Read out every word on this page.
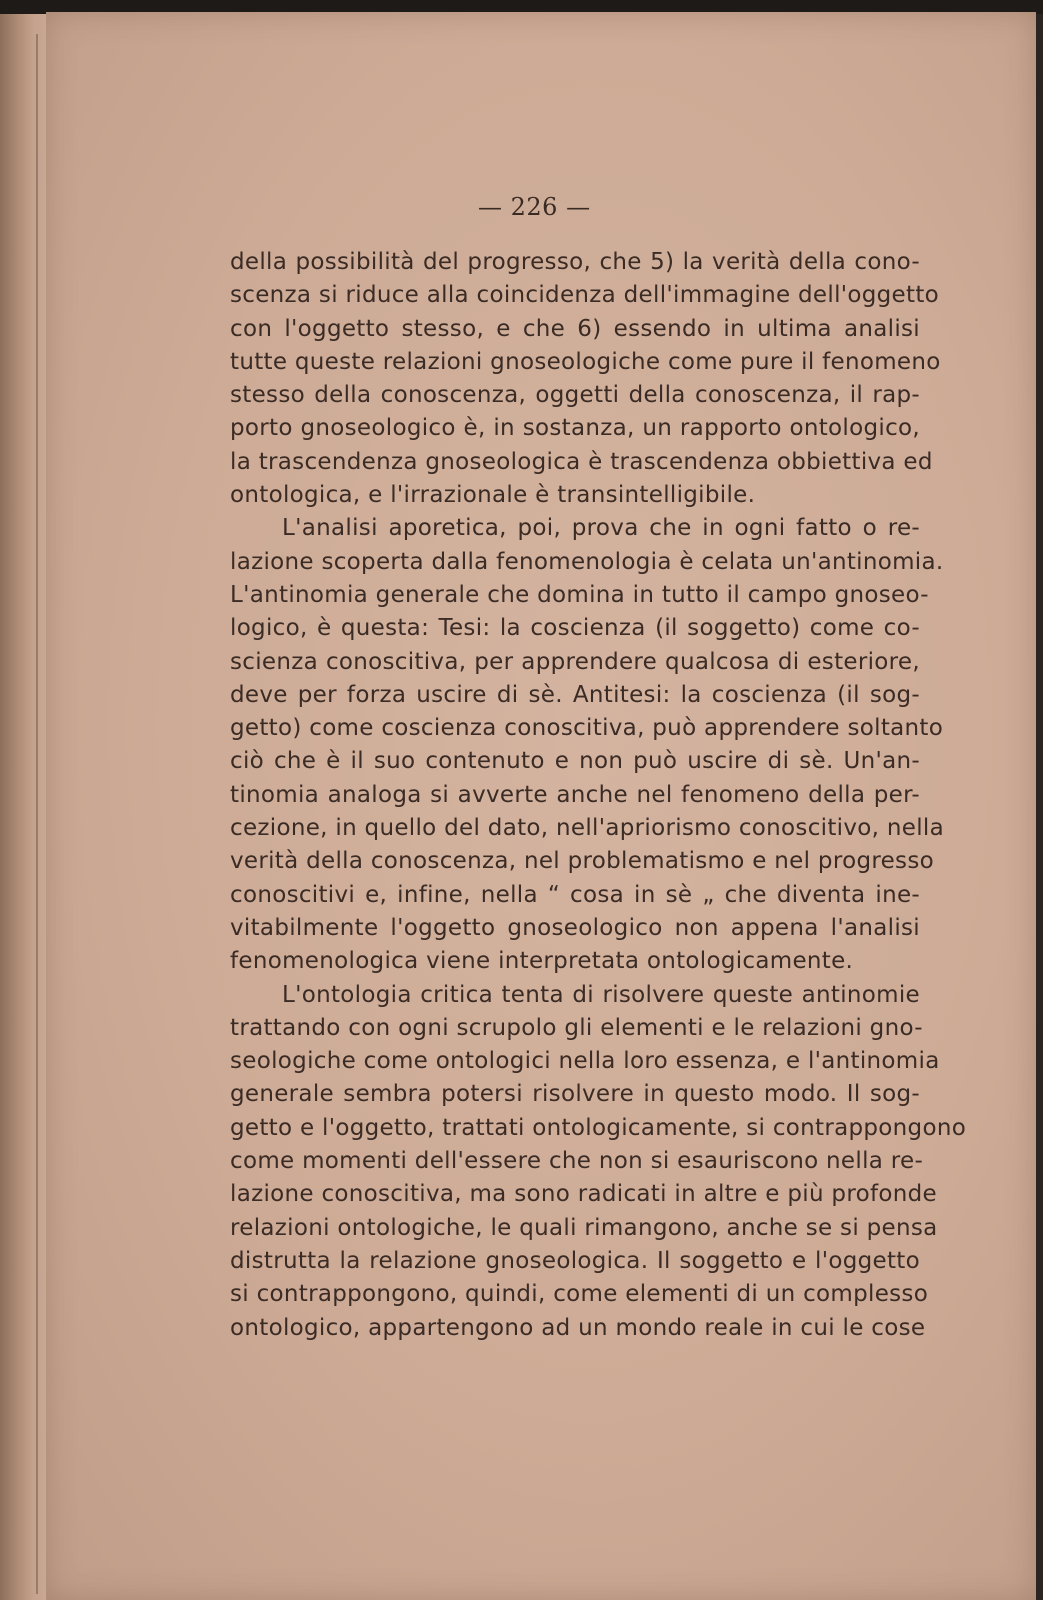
— 226 —
della possibilità del progresso, che 5) la verità della cono-
scenza si riduce alla coincidenza dell'immagine dell'oggetto
con l'oggetto stesso, e che 6) essendo in ultima analisi
tutte queste relazioni gnoseologiche come pure il fenomeno
stesso della conoscenza, oggetti della conoscenza, il rap-
porto gnoseologico è, in sostanza, un rapporto ontologico,
la trascendenza gnoseologica è trascendenza obbiettiva ed
ontologica, e l'irrazionale è transintelligibile.
L'analisi aporetica, poi, prova che in ogni fatto o re-
lazione scoperta dalla fenomenologia è celata un'antinomia.
L'antinomia generale che domina in tutto il campo gnoseo-
logico, è questa: Tesi: la coscienza (il soggetto) come co-
scienza conoscitiva, per apprendere qualcosa di esteriore,
deve per forza uscire di sè. Antitesi: la coscienza (il sog-
getto) come coscienza conoscitiva, può apprendere soltanto
ciò che è il suo contenuto e non può uscire di sè. Un'an-
tinomia analoga si avverte anche nel fenomeno della per-
cezione, in quello del dato, nell'apriorismo conoscitivo, nella
verità della conoscenza, nel problematismo e nel progresso
conoscitivi e, infine, nella “ cosa in sè „ che diventa ine-
vitabilmente l'oggetto gnoseologico non appena l'analisi
fenomenologica viene interpretata ontologicamente.
L'ontologia critica tenta di risolvere queste antinomie
trattando con ogni scrupolo gli elementi e le relazioni gno-
seologiche come ontologici nella loro essenza, e l'antinomia
generale sembra potersi risolvere in questo modo. Il sog-
getto e l'oggetto, trattati ontologicamente, si contrappongono
come momenti dell'essere che non si esauriscono nella re-
lazione conoscitiva, ma sono radicati in altre e più profonde
relazioni ontologiche, le quali rimangono, anche se si pensa
distrutta la relazione gnoseologica. Il soggetto e l'oggetto
si contrappongono, quindi, come elementi di un complesso
ontologico, appartengono ad un mondo reale in cui le cose
